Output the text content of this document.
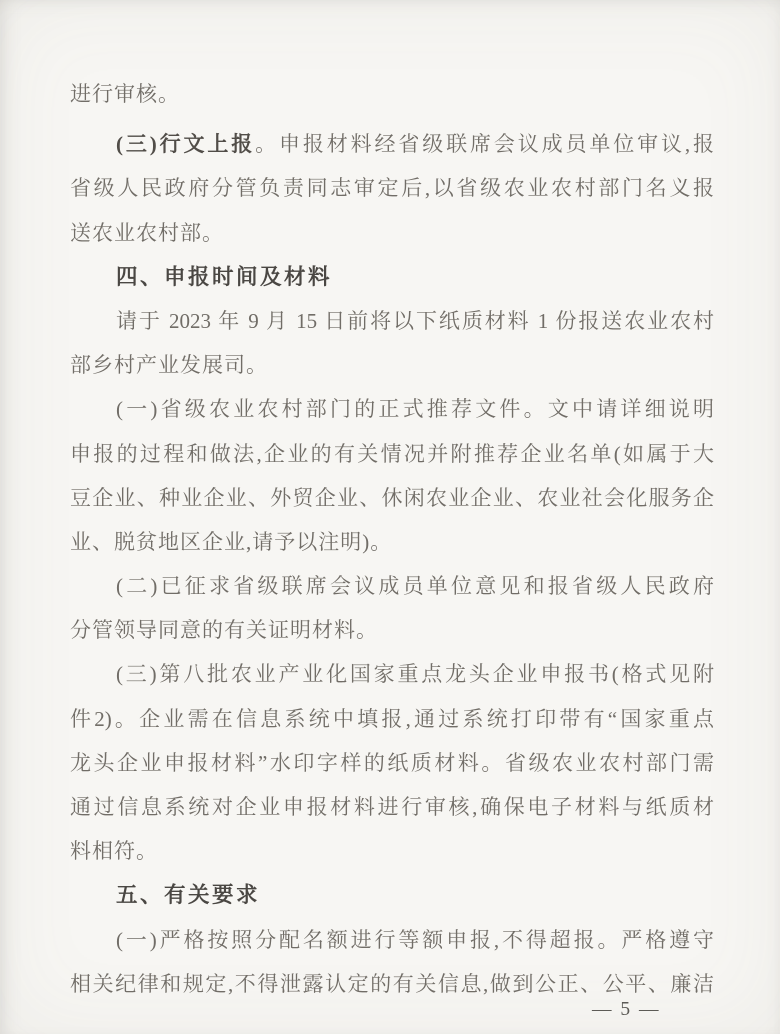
进行审核。
(三)行文上报。申报材料经省级联席会议成员单位审议,报
省级人民政府分管负责同志审定后,以省级农业农村部门名义报
送农业农村部。
四、申报时间及材料
请于 2023 年 9 月 15 日前将以下纸质材料 1 份报送农业农村
部乡村产业发展司。
(一)省级农业农村部门的正式推荐文件。文中请详细说明
申报的过程和做法,企业的有关情况并附推荐企业名单(如属于大
豆企业、种业企业、外贸企业、休闲农业企业、农业社会化服务企
业、脱贫地区企业,请予以注明)。
(二)已征求省级联席会议成员单位意见和报省级人民政府
分管领导同意的有关证明材料。
(三)第八批农业产业化国家重点龙头企业申报书(格式见附
件2)。企业需在信息系统中填报,通过系统打印带有“国家重点
龙头企业申报材料”水印字样的纸质材料。省级农业农村部门需
通过信息系统对企业申报材料进行审核,确保电子材料与纸质材
料相符。
五、有关要求
(一)严格按照分配名额进行等额申报,不得超报。严格遵守
相关纪律和规定,不得泄露认定的有关信息,做到公正、公平、廉洁
— 5 —
